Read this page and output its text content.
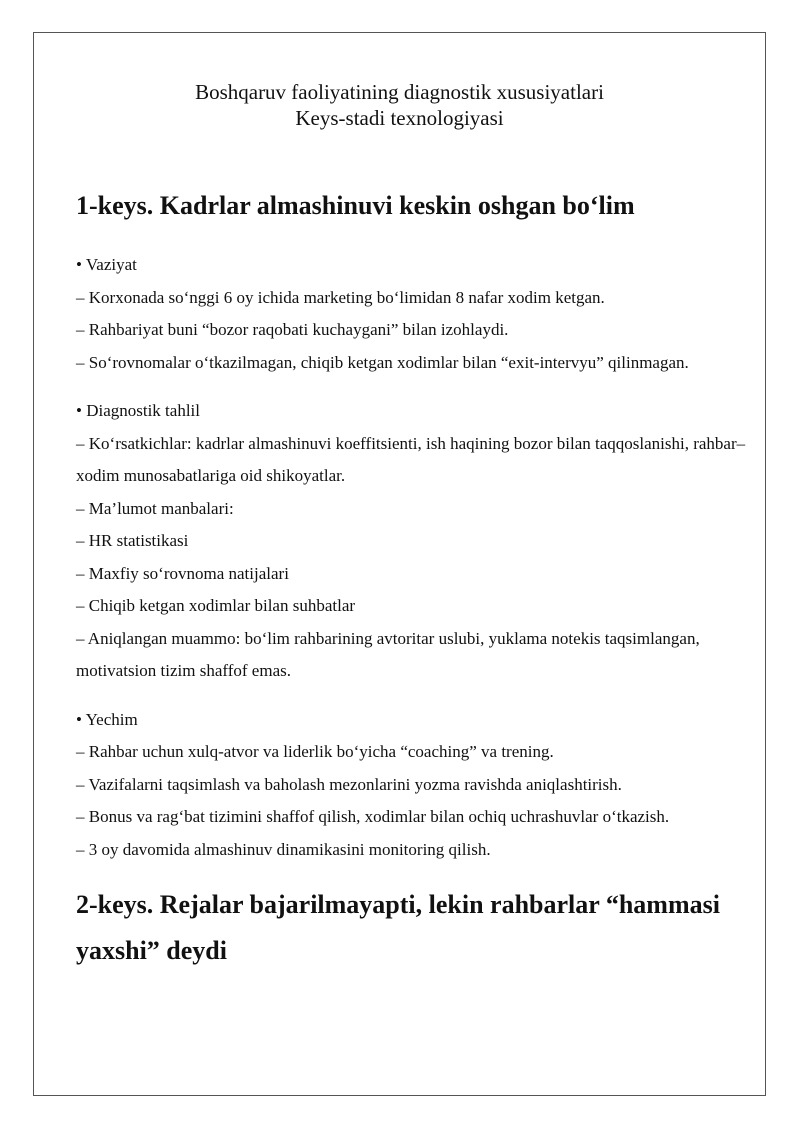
Boshqaruv faoliyatining diagnostik xususiyatlari
Keys-stadi texnologiyasi
1-keys. Kadrlar almashinuvi keskin oshgan bo‘lim
• Vaziyat
– Korxonada so‘nggi 6 oy ichida marketing bo‘limidan 8 nafar xodim ketgan.
– Rahbariyat buni “bozor raqobati kuchaygani” bilan izohlaydi.
– So‘rovnomalar o‘tkazilmagan, chiqib ketgan xodimlar bilan “exit-intervyu” qilinmagan.
• Diagnostik tahlil
– Ko‘rsatkichlar: kadrlar almashinuvi koeffitsienti, ish haqining bozor bilan taqqoslanishi, rahbar–xodim munosabatlariga oid shikoyatlar.
– Ma’lumot manbalari:
– HR statistikasi
– Maxfiy so‘rovnoma natijalari
– Chiqib ketgan xodimlar bilan suhbatlar
– Aniqlangan muammo: bo‘lim rahbarining avtoritar uslubi, yuklama notekis taqsimlangan, motivatsion tizim shaffof emas.
• Yechim
– Rahbar uchun xulq-atvor va liderlik bo‘yicha “coaching” va trening.
– Vazifalarni taqsimlash va baholash mezonlarini yozma ravishda aniqlashtirish.
– Bonus va rag‘bat tizimini shaffof qilish, xodimlar bilan ochiq uchrashuvlar o‘tkazish.
– 3 oy davomida almashinuv dinamikasini monitoring qilish.
2-keys. Rejalar bajarilmayapti, lekin rahbarlar “hammasi yaxshi” deydi
